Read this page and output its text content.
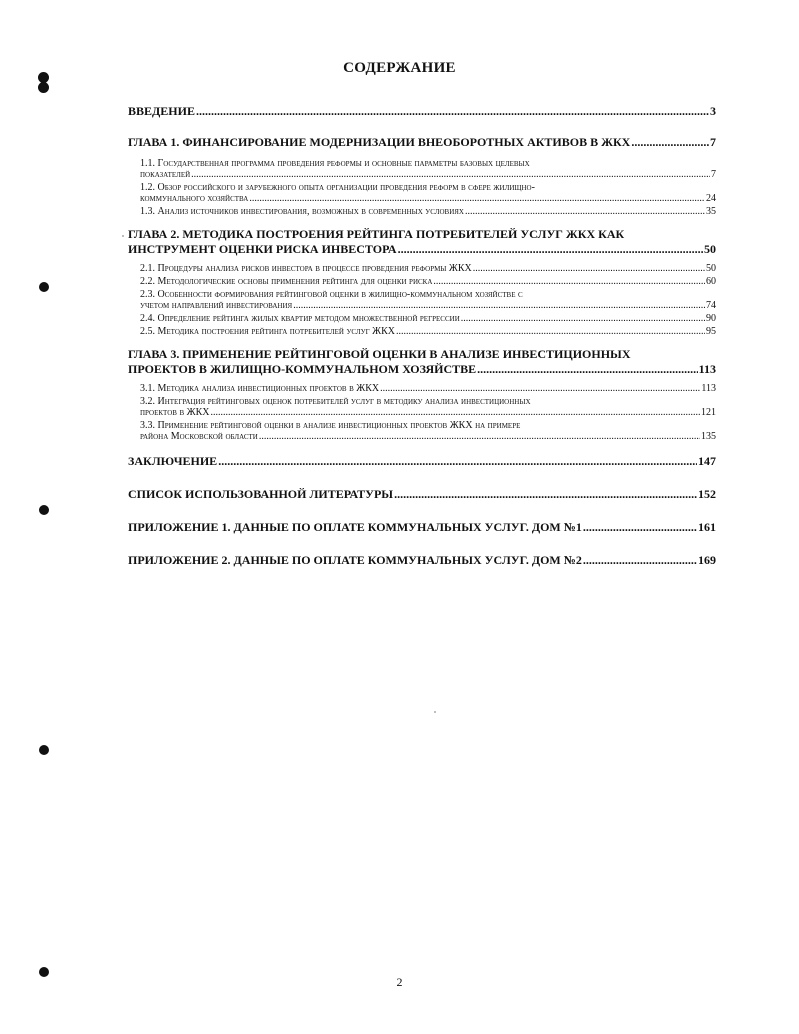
СОДЕРЖАНИЕ
ВВЕДЕНИЕ .....	3
ГЛАВА 1. ФИНАНСИРОВАНИЕ МОДЕРНИЗАЦИИ ВНЕОБОРОТНЫХ АКТИВОВ В ЖКХ .....	7
1.1. Государственная программа проведения реформы и основные параметры базовых целевых
показателей .....	7
1.2. Обзор российского и зарубежного опыта организации проведения реформ в сфере жилищно-
коммунального хозяйства .....	24
1.3. Анализ источников инвестирования, возможных в современных условиях .....	35
ГЛАВА 2. МЕТОДИКА ПОСТРОЕНИЯ РЕЙТИНГА ПОТРЕБИТЕЛЕЙ УСЛУГ ЖКХ КАК
ИНСТРУМЕНТ ОЦЕНКИ РИСКА ИНВЕСТОРА .....	50
2.1. Процедуры анализа рисков инвестора в процессе проведения реформы ЖКХ .....	50
2.2. Методологические основы применения рейтинга для оценки риска .....	60
2.3. Особенности формирования рейтинговой оценки в жилищно-коммунальном хозяйстве с
учетом направлений инвестирования .....	74
2.4. Определение рейтинга жилых квартир методом множественной регрессии .....	90
2.5. Методика построения рейтинга потребителей услуг ЖКХ .....	95
ГЛАВА 3. ПРИМЕНЕНИЕ РЕЙТИНГОВОЙ ОЦЕНКИ В АНАЛИЗЕ ИНВЕСТИЦИОННЫХ
ПРОЕКТОВ В ЖИЛИЩНО-КОММУНАЛЬНОМ ХОЗЯЙСТВЕ .....	113
3.1. Методика анализа инвестиционных проектов в ЖКХ .....	113
3.2. Интеграция рейтинговых оценок потребителей услуг в методику анализа инвестиционных
проектов в ЖКХ .....	121
3.3. Применение рейтинговой оценки в анализе инвестиционных проектов ЖКХ на примере
района Московской области .....	135
ЗАКЛЮЧЕНИЕ .....	147
СПИСОК ИСПОЛЬЗОВАННОЙ ЛИТЕРАТУРЫ .....	152
ПРИЛОЖЕНИЕ 1. ДАННЫЕ ПО ОПЛАТЕ КОММУНАЛЬНЫХ УСЛУГ. ДОМ №1 .....	161
ПРИЛОЖЕНИЕ 2. ДАННЫЕ ПО ОПЛАТЕ КОММУНАЛЬНЫХ УСЛУГ. ДОМ №2 .....	169
2
